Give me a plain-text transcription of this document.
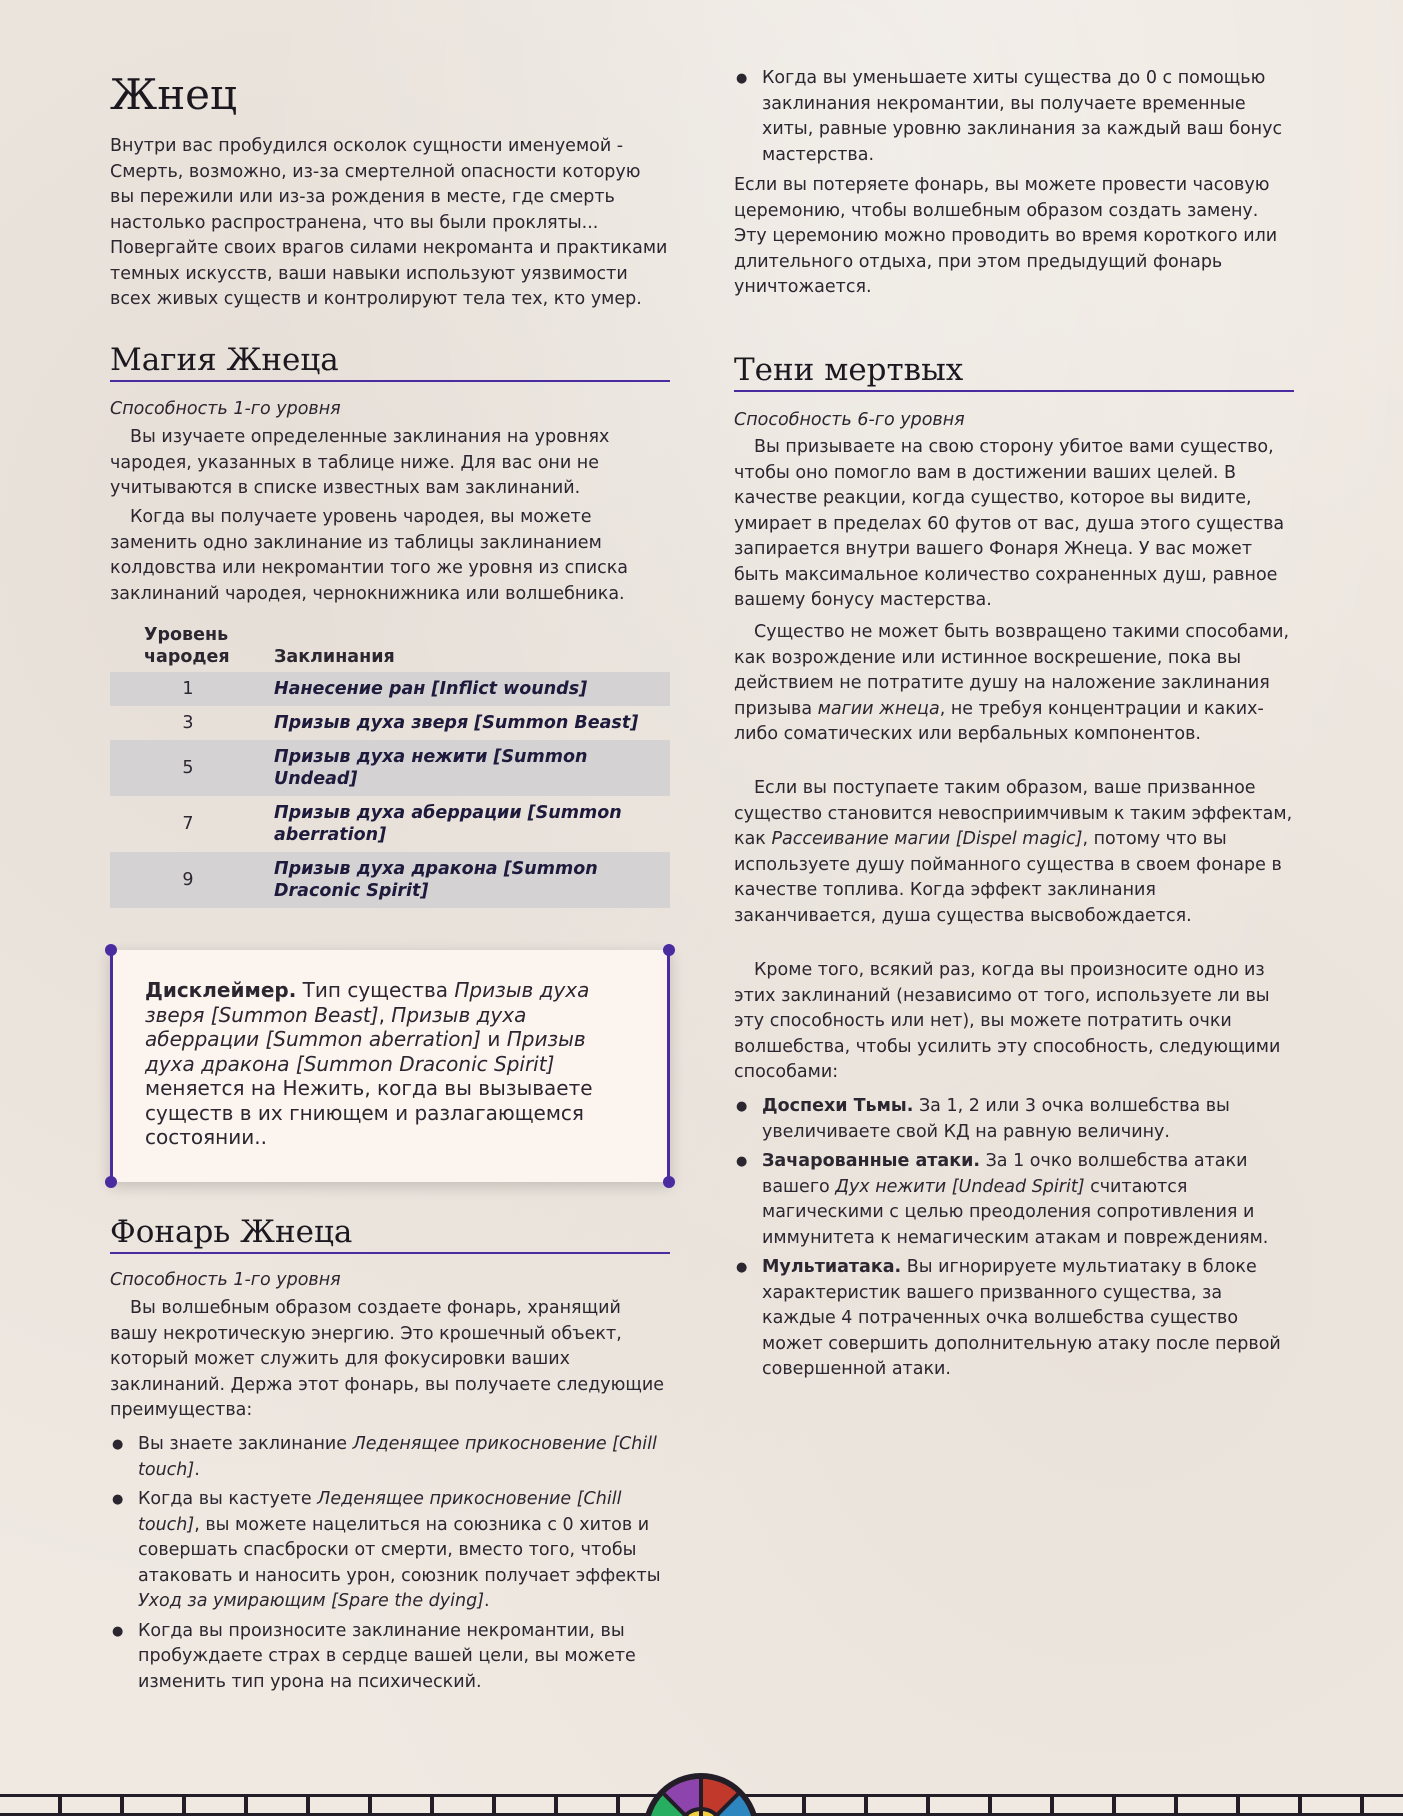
Жнец

Внутри вас пробудился осколок сущности именуемой - Смерть, возможно, из-за смертелной опасности которую вы пережили или из-за рождения в месте, где смерть настолько распространена, что вы были прокляты... Повергайте своих врагов силами некроманта и практиками темных искусств, ваши навыки используют уязвимости всех живых существ и контролируют тела тех, кто умер.

Магия Жнеца
Способность 1-го уровня

Вы изучаете определенные заклинания на уровнях чародея, указанных в таблице ниже. Для вас они не учитываются в списке известных вам заклинаний.

Когда вы получаете уровень чародея, вы можете заменить одно заклинание из таблицы заклинанием колдовства или некромантии того же уровня из списка заклинаний чародея, чернокнижника или волшебника.

Уровень чародея	Заклинания
1	Нанесение ран [Inflict wounds]
3	Призыв духа зверя [Summon Beast]
5	Призыв духа нежити [Summon Undead]
7	Призыв духа аберрации [Summon aberration]
9	Призыв духа дракона [Summon Draconic Spirit]
Дисклеймер. Тип существа Призыв духа зверя [Summon Beast], Призыв духа аберрации [Summon aberration] и Призыв духа дракона [Summon Draconic Spirit] меняется на Нежить, когда вы вызываете существ в их гниющем и разлагающемся состоянии..
Фонарь Жнеца
Способность 1-го уровня

Вы волшебным образом создаете фонарь, хранящий вашу некротическую энергию. Это крошечный объект, который может служить для фокусировки ваших заклинаний. Держа этот фонарь, вы получаете следующие преимущества:

● Вы знаете заклинание Леденящее прикосновение [Chill touch].
● Когда вы кастуете Леденящее прикосновение [Chill touch], вы можете нацелиться на союзника с 0 хитов и совершать спасброски от смерти, вместо того, чтобы атаковать и наносить урон, союзник получает эффекты Уход за умирающим [Spare the dying].
● Когда вы произносите заклинание некромантии, вы пробуждаете страх в сердце вашей цели, вы можете изменить тип урона на психический.
● Когда вы уменьшаете хиты существа до 0 с помощью заклинания некромантии, вы получаете временные хиты, равные уровню заклинания за каждый ваш бонус мастерства.

Если вы потеряете фонарь, вы можете провести часовую церемонию, чтобы волшебным образом создать замену. Эту церемонию можно проводить во время короткого или длительного отдыха, при этом предыдущий фонарь уничтожается.

Тени мертвых
Способность 6-го уровня

Вы призываете на свою сторону убитое вами существо, чтобы оно помогло вам в достижении ваших целей. В качестве реакции, когда существо, которое вы видите, умирает в пределах 60 футов от вас, душа этого существа запирается внутри вашего Фонаря Жнеца. У вас может быть максимальное количество сохраненных душ, равное вашему бонусу мастерства.

Существо не может быть возвращено такими способами, как возрождение или истинное воскрешение, пока вы действием не потратите душу на наложение заклинания призыва магии жнеца, не требуя концентрации и каких-либо соматических или вербальных компонентов.

Если вы поступаете таким образом, ваше призванное существо становится невосприимчивым к таким эффектам, как Рассеивание магии [Dispel magic], потому что вы используете душу пойманного существа в своем фонаре в качестве топлива. Когда эффект заклинания заканчивается, душа существа высвобождается.

Кроме того, всякий раз, когда вы произносите одно из этих заклинаний (независимо от того, используете ли вы эту способность или нет), вы можете потратить очки волшебства, чтобы усилить эту способность, следующими способами:

● Доспехи Тьмы. За 1, 2 или 3 очка волшебства вы увеличиваете свой КД на равную величину.
● Зачарованные атаки. За 1 очко волшебства атаки вашего Дух нежити [Undead Spirit] считаются магическими с целью преодоления сопротивления и иммунитета к немагическим атакам и повреждениям.
● Мультиатака. Вы игнорируете мультиатаку в блоке характеристик вашего призванного существа, за каждые 4 потраченных очка волшебства существо может совершить дополнительную атаку после первой совершенной атаки.
